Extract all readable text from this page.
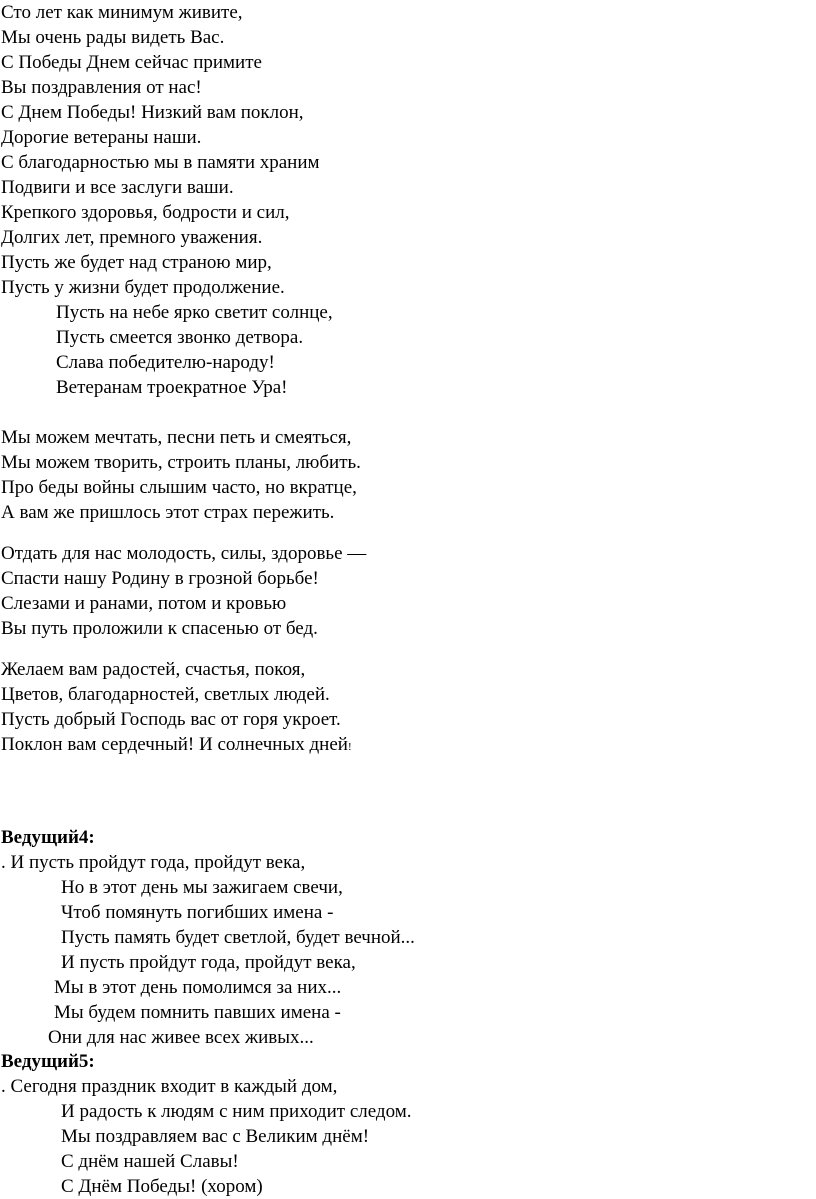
Сто лет как минимум живите,
Мы очень рады видеть Вас.
С Победы Днем сейчас примите
Вы поздравления от нас!
С Днем Победы! Низкий вам поклон,
Дорогие ветераны наши.
С благодарностью мы в памяти храним
Подвиги и все заслуги ваши.
Крепкого здоровья, бодрости и сил,
Долгих лет, премного уважения.
Пусть же будет над страною мир,
Пусть у жизни будет продолжение.
Пусть на небе ярко светит солнце,
Пусть смеется звонко детвора.
Слава победителю-народу!
Ветеранам троекратное Ура!
Мы можем мечтать, песни петь и смеяться,
Мы можем творить, строить планы, любить.
Про беды войны слышим часто, но вкратце,
А вам же пришлось этот страх пережить.
Отдать для нас молодость, силы, здоровье —
Спасти нашу Родину в грозной борьбе!
Слезами и ранами, потом и кровью
Вы путь проложили к спасенью от бед.
Желаем вам радостей, счастья, покоя,
Цветов, благодарностей, светлых людей.
Пусть добрый Господь вас от горя укроет.
Поклон вам сердечный! И солнечных дней!
Ведущий4:
. И пусть пройдут года, пройдут века,
Но в этот день мы зажигаем свечи,
Чтоб помянуть погибших имена -
Пусть память будет светлой, будет вечной...
И пусть пройдут года, пройдут века,
Мы в этот день помолимся за них...
Мы будем помнить павших имена -
Они для нас живее всех живых...
Ведущий5:
. Сегодня праздник входит в каждый дом,
И радость к людям с ним приходит следом.
Мы поздравляем вас с Великим днём!
С днём нашей Славы!
С Днём Победы! (хором)
